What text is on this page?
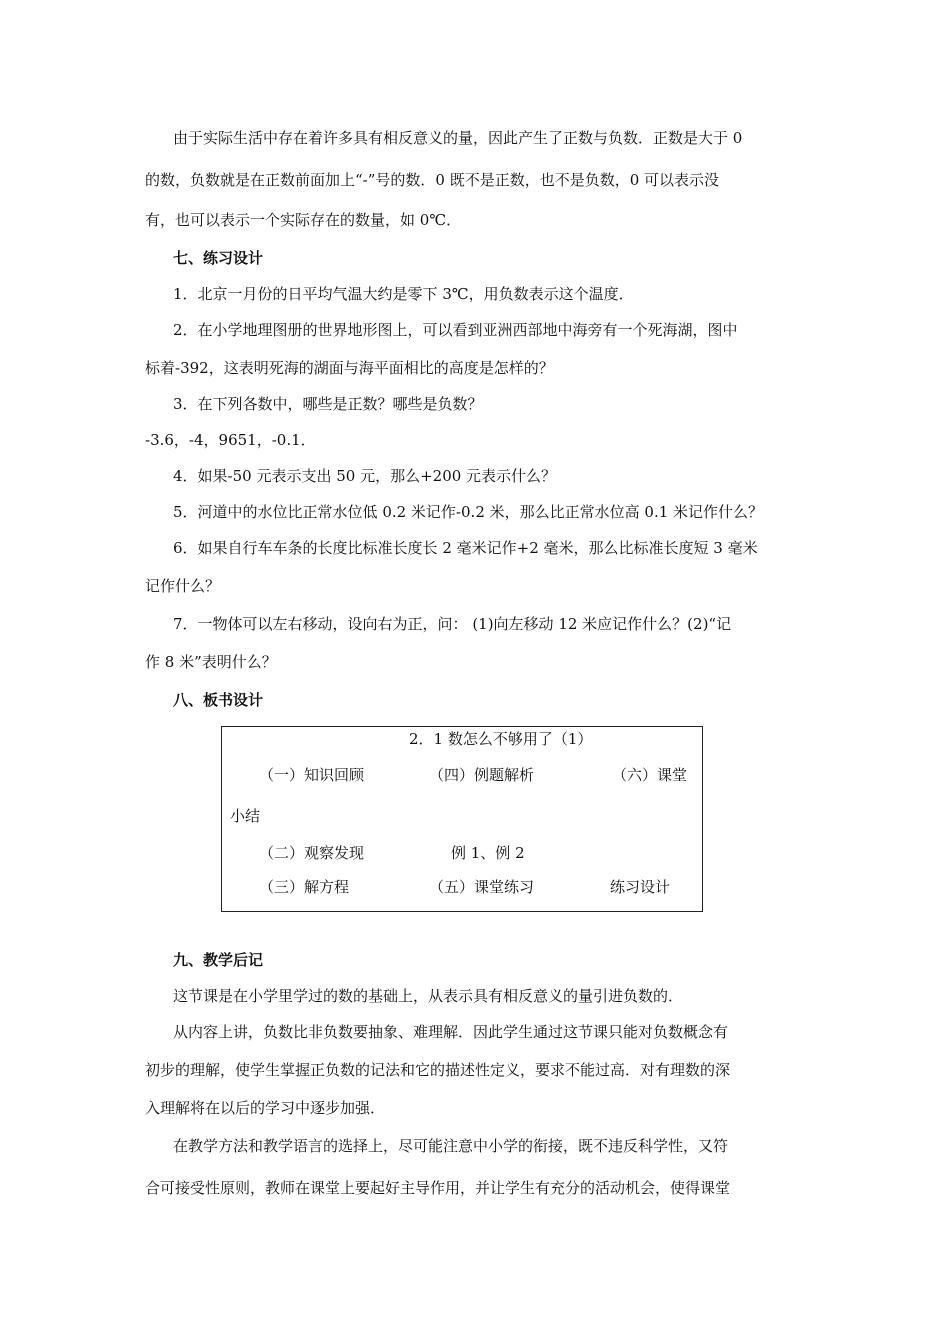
由于实际生活中存在着许多具有相反意义的量，因此产生了正数与负数．正数是大于 0
的数，负数就是在正数前面加上“-”号的数．0 既不是正数，也不是负数，0 可以表示没
有，也可以表示一个实际存在的数量，如 0℃．
七、练习设计
1．北京一月份的日平均气温大约是零下 3℃，用负数表示这个温度．
2．在小学地理图册的世界地形图上，可以看到亚洲西部地中海旁有一个死海湖，图中
标着-392，这表明死海的湖面与海平面相比的高度是怎样的？
3．在下列各数中，哪些是正数？哪些是负数？
-3.6，-4，9651，-0.1．
4．如果-50 元表示支出 50 元，那么+200 元表示什么？
5．河道中的水位比正常水位低 0.2 米记作-0.2 米，那么比正常水位高 0.1 米记作什么？
6．如果自行车车条的长度比标准长度长 2 毫米记作+2 毫米，那么比标准长度短 3 毫米
记作什么？
7．一物体可以左右移动，设向右为正，问： (1)向左移动 12 米应记作什么？(2)“记
作 8 米”表明什么？
八、板书设计
2．1 数怎么不够用了（1）
（一）知识回顾	（四）例题解析	（六）课堂
小结
（二）观察发现	例 1、例 2
（三）解方程	（五）课堂练习	练习设计
九、教学后记
这节课是在小学里学过的数的基础上，从表示具有相反意义的量引进负数的．
从内容上讲，负数比非负数要抽象、难理解．因此学生通过这节课只能对负数概念有
初步的理解，使学生掌握正负数的记法和它的描述性定义，要求不能过高．对有理数的深
入理解将在以后的学习中逐步加强．
在教学方法和教学语言的选择上，尽可能注意中小学的衔接，既不违反科学性，又符
合可接受性原则，教师在课堂上要起好主导作用，并让学生有充分的活动机会，使得课堂
